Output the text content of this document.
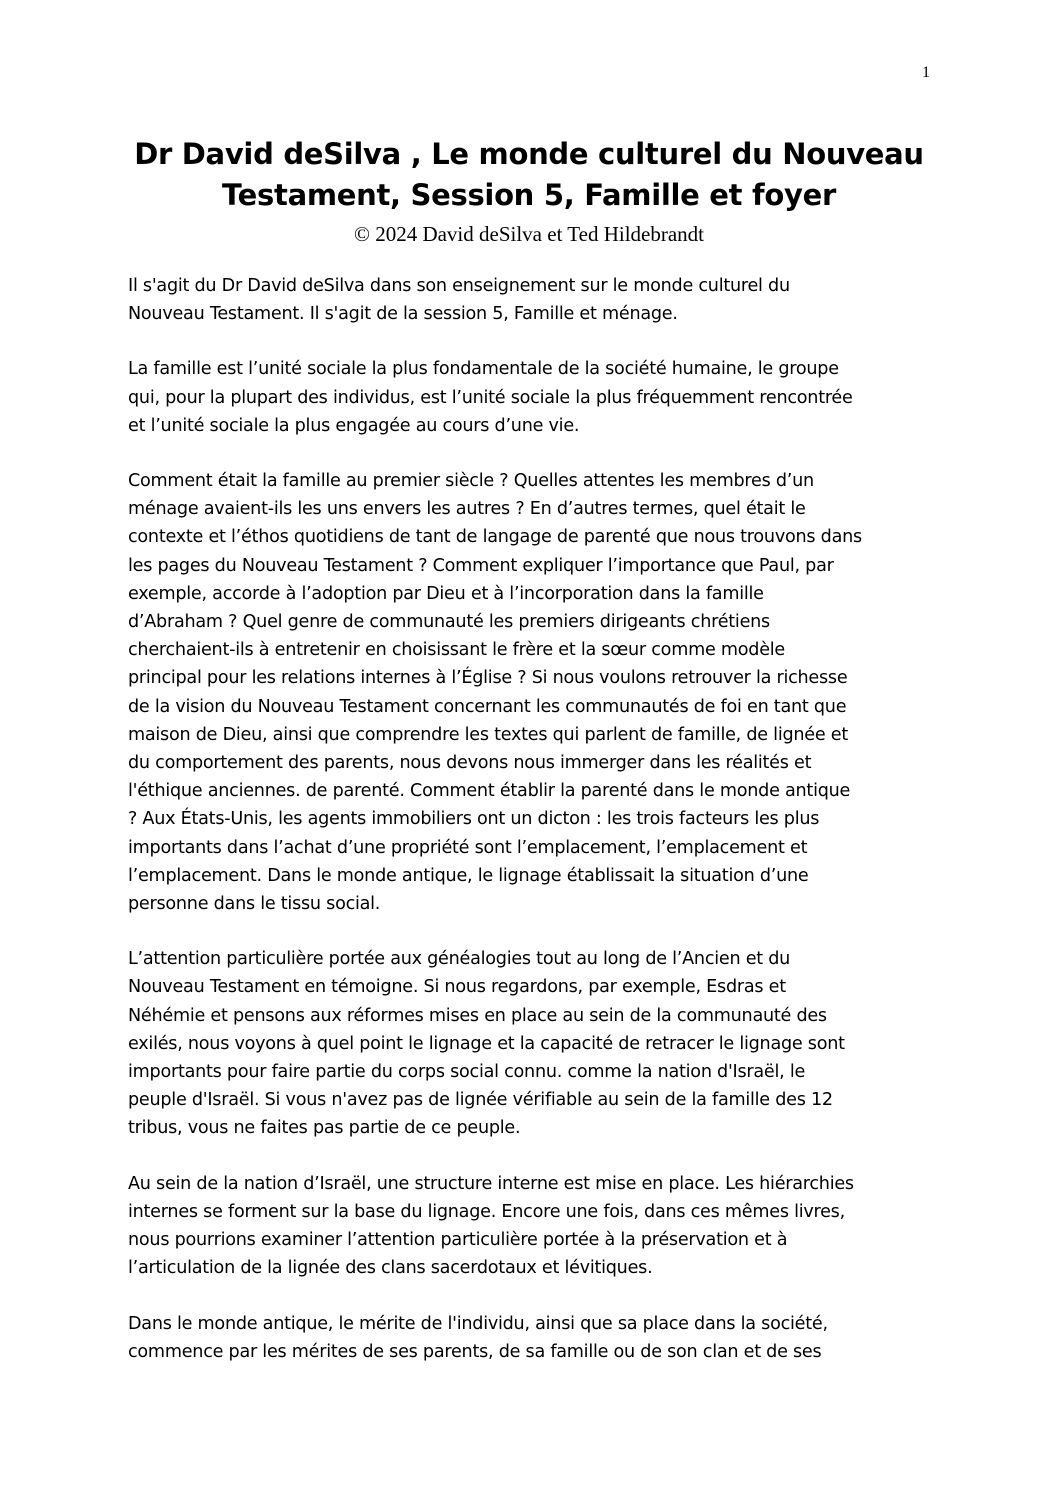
1
Dr David deSilva , Le monde culturel du Nouveau
Testament, Session 5, Famille et foyer
© 2024 David deSilva et Ted Hildebrandt

Il s'agit du Dr David deSilva dans son enseignement sur le monde culturel du
Nouveau Testament. Il s'agit de la session 5, Famille et ménage.

La famille est l’unité sociale la plus fondamentale de la société humaine, le groupe
qui, pour la plupart des individus, est l’unité sociale la plus fréquemment rencontrée
et l’unité sociale la plus engagée au cours d’une vie.

Comment était la famille au premier siècle ? Quelles attentes les membres d’un
ménage avaient-ils les uns envers les autres ? En d’autres termes, quel était le
contexte et l’éthos quotidiens de tant de langage de parenté que nous trouvons dans
les pages du Nouveau Testament ? Comment expliquer l’importance que Paul, par
exemple, accorde à l’adoption par Dieu et à l’incorporation dans la famille
d’Abraham ? Quel genre de communauté les premiers dirigeants chrétiens
cherchaient-ils à entretenir en choisissant le frère et la sœur comme modèle
principal pour les relations internes à l’Église ? Si nous voulons retrouver la richesse
de la vision du Nouveau Testament concernant les communautés de foi en tant que
maison de Dieu, ainsi que comprendre les textes qui parlent de famille, de lignée et
du comportement des parents, nous devons nous immerger dans les réalités et
l'éthique anciennes. de parenté. Comment établir la parenté dans le monde antique
? Aux États-Unis, les agents immobiliers ont un dicton : les trois facteurs les plus
importants dans l’achat d’une propriété sont l’emplacement, l’emplacement et
l’emplacement. Dans le monde antique, le lignage établissait la situation d’une
personne dans le tissu social.

L’attention particulière portée aux généalogies tout au long de l’Ancien et du
Nouveau Testament en témoigne. Si nous regardons, par exemple, Esdras et
Néhémie et pensons aux réformes mises en place au sein de la communauté des
exilés, nous voyons à quel point le lignage et la capacité de retracer le lignage sont
importants pour faire partie du corps social connu. comme la nation d'Israël, le
peuple d'Israël. Si vous n'avez pas de lignée vérifiable au sein de la famille des 12
tribus, vous ne faites pas partie de ce peuple.

Au sein de la nation d’Israël, une structure interne est mise en place. Les hiérarchies
internes se forment sur la base du lignage. Encore une fois, dans ces mêmes livres,
nous pourrions examiner l’attention particulière portée à la préservation et à
l’articulation de la lignée des clans sacerdotaux et lévitiques.

Dans le monde antique, le mérite de l'individu, ainsi que sa place dans la société,
commence par les mérites de ses parents, de sa famille ou de son clan et de ses
